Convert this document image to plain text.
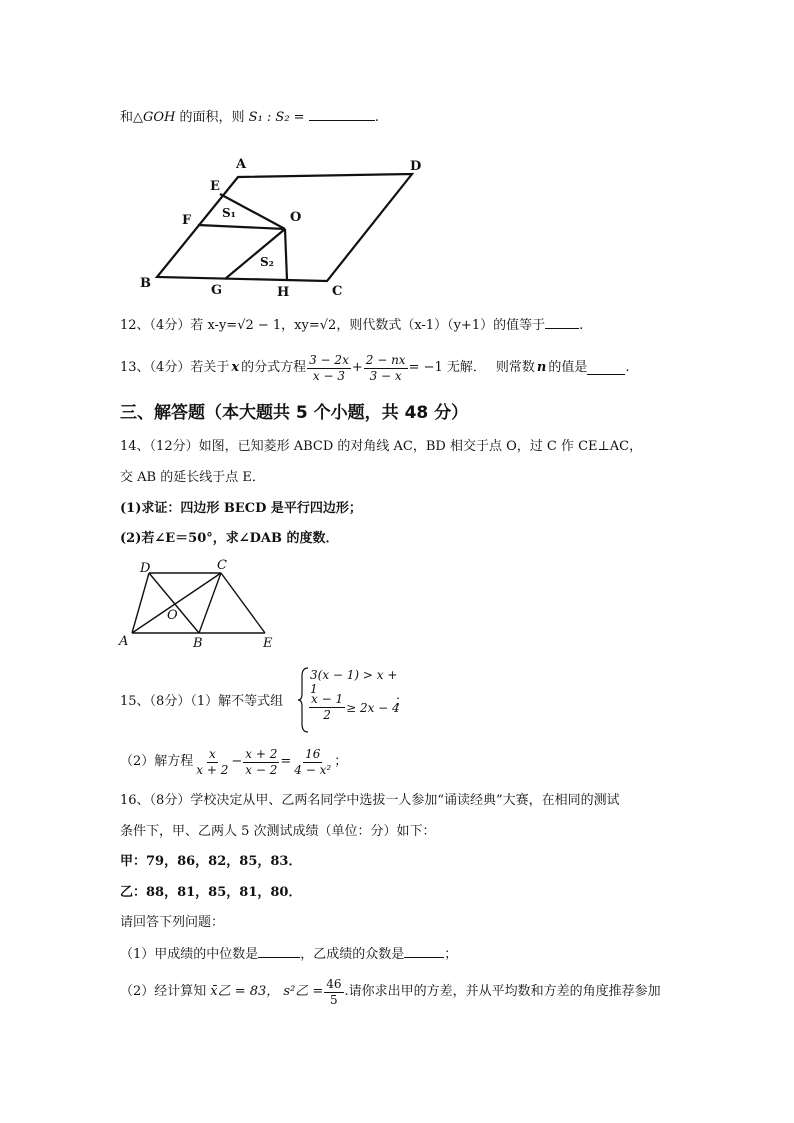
和△GOH 的面积，则 S₁ : S₂ =	.
A	D
E
F	O
B	G	H	C
S₁
S₂
12、（4分）若 x-y=√2 − 1，xy=√2，则代数式（x-1）（y+1）的值等于	.
13、（4分）若关于 x 的分式方程 $\frac{3 - 2x}{x - 3} + \frac{2 - nx}{3 - x} = -1$ 无解． 则常数 n 的值是	.
三、解答题（本大题共 5 个小题，共 48 分）
14、（12分）如图，已知菱形 ABCD 的对角线 AC，BD 相交于点 O，过 C 作 CE⊥AC，
交 AB 的延长线于点 E．
(1)求证：四边形 BECD 是平行四边形；
(2)若∠E＝50°，求∠DAB 的度数．
D	C
O
A	B	E
15、（8分）（1）解不等式组
3(x − 1) > x + 1
$\frac{x - 1}{2} \ge 2x - 4$
；
（2）解方程 $\frac{x}{x + 2} - \frac{x + 2}{x - 2} = \frac{16}{\text{4 − x²}}$ ；
16、（8分）学校决定从甲、乙两名同学中选拔一人参加“诵读经典”大赛，在相同的测试
条件下，甲、乙两人 5 次测试成绩（单位：分）如下：
甲：79，86，82，85，83．
乙：88，81，85，81，80．
请回答下列问题：
（1）甲成绩的中位数是	，乙成绩的众数是	；
（2）经计算知 x̄乙 = 83， s²乙 = $\frac{46}{5}$ .请你求出甲的方差，并从平均数和方差的角度推荐参加
